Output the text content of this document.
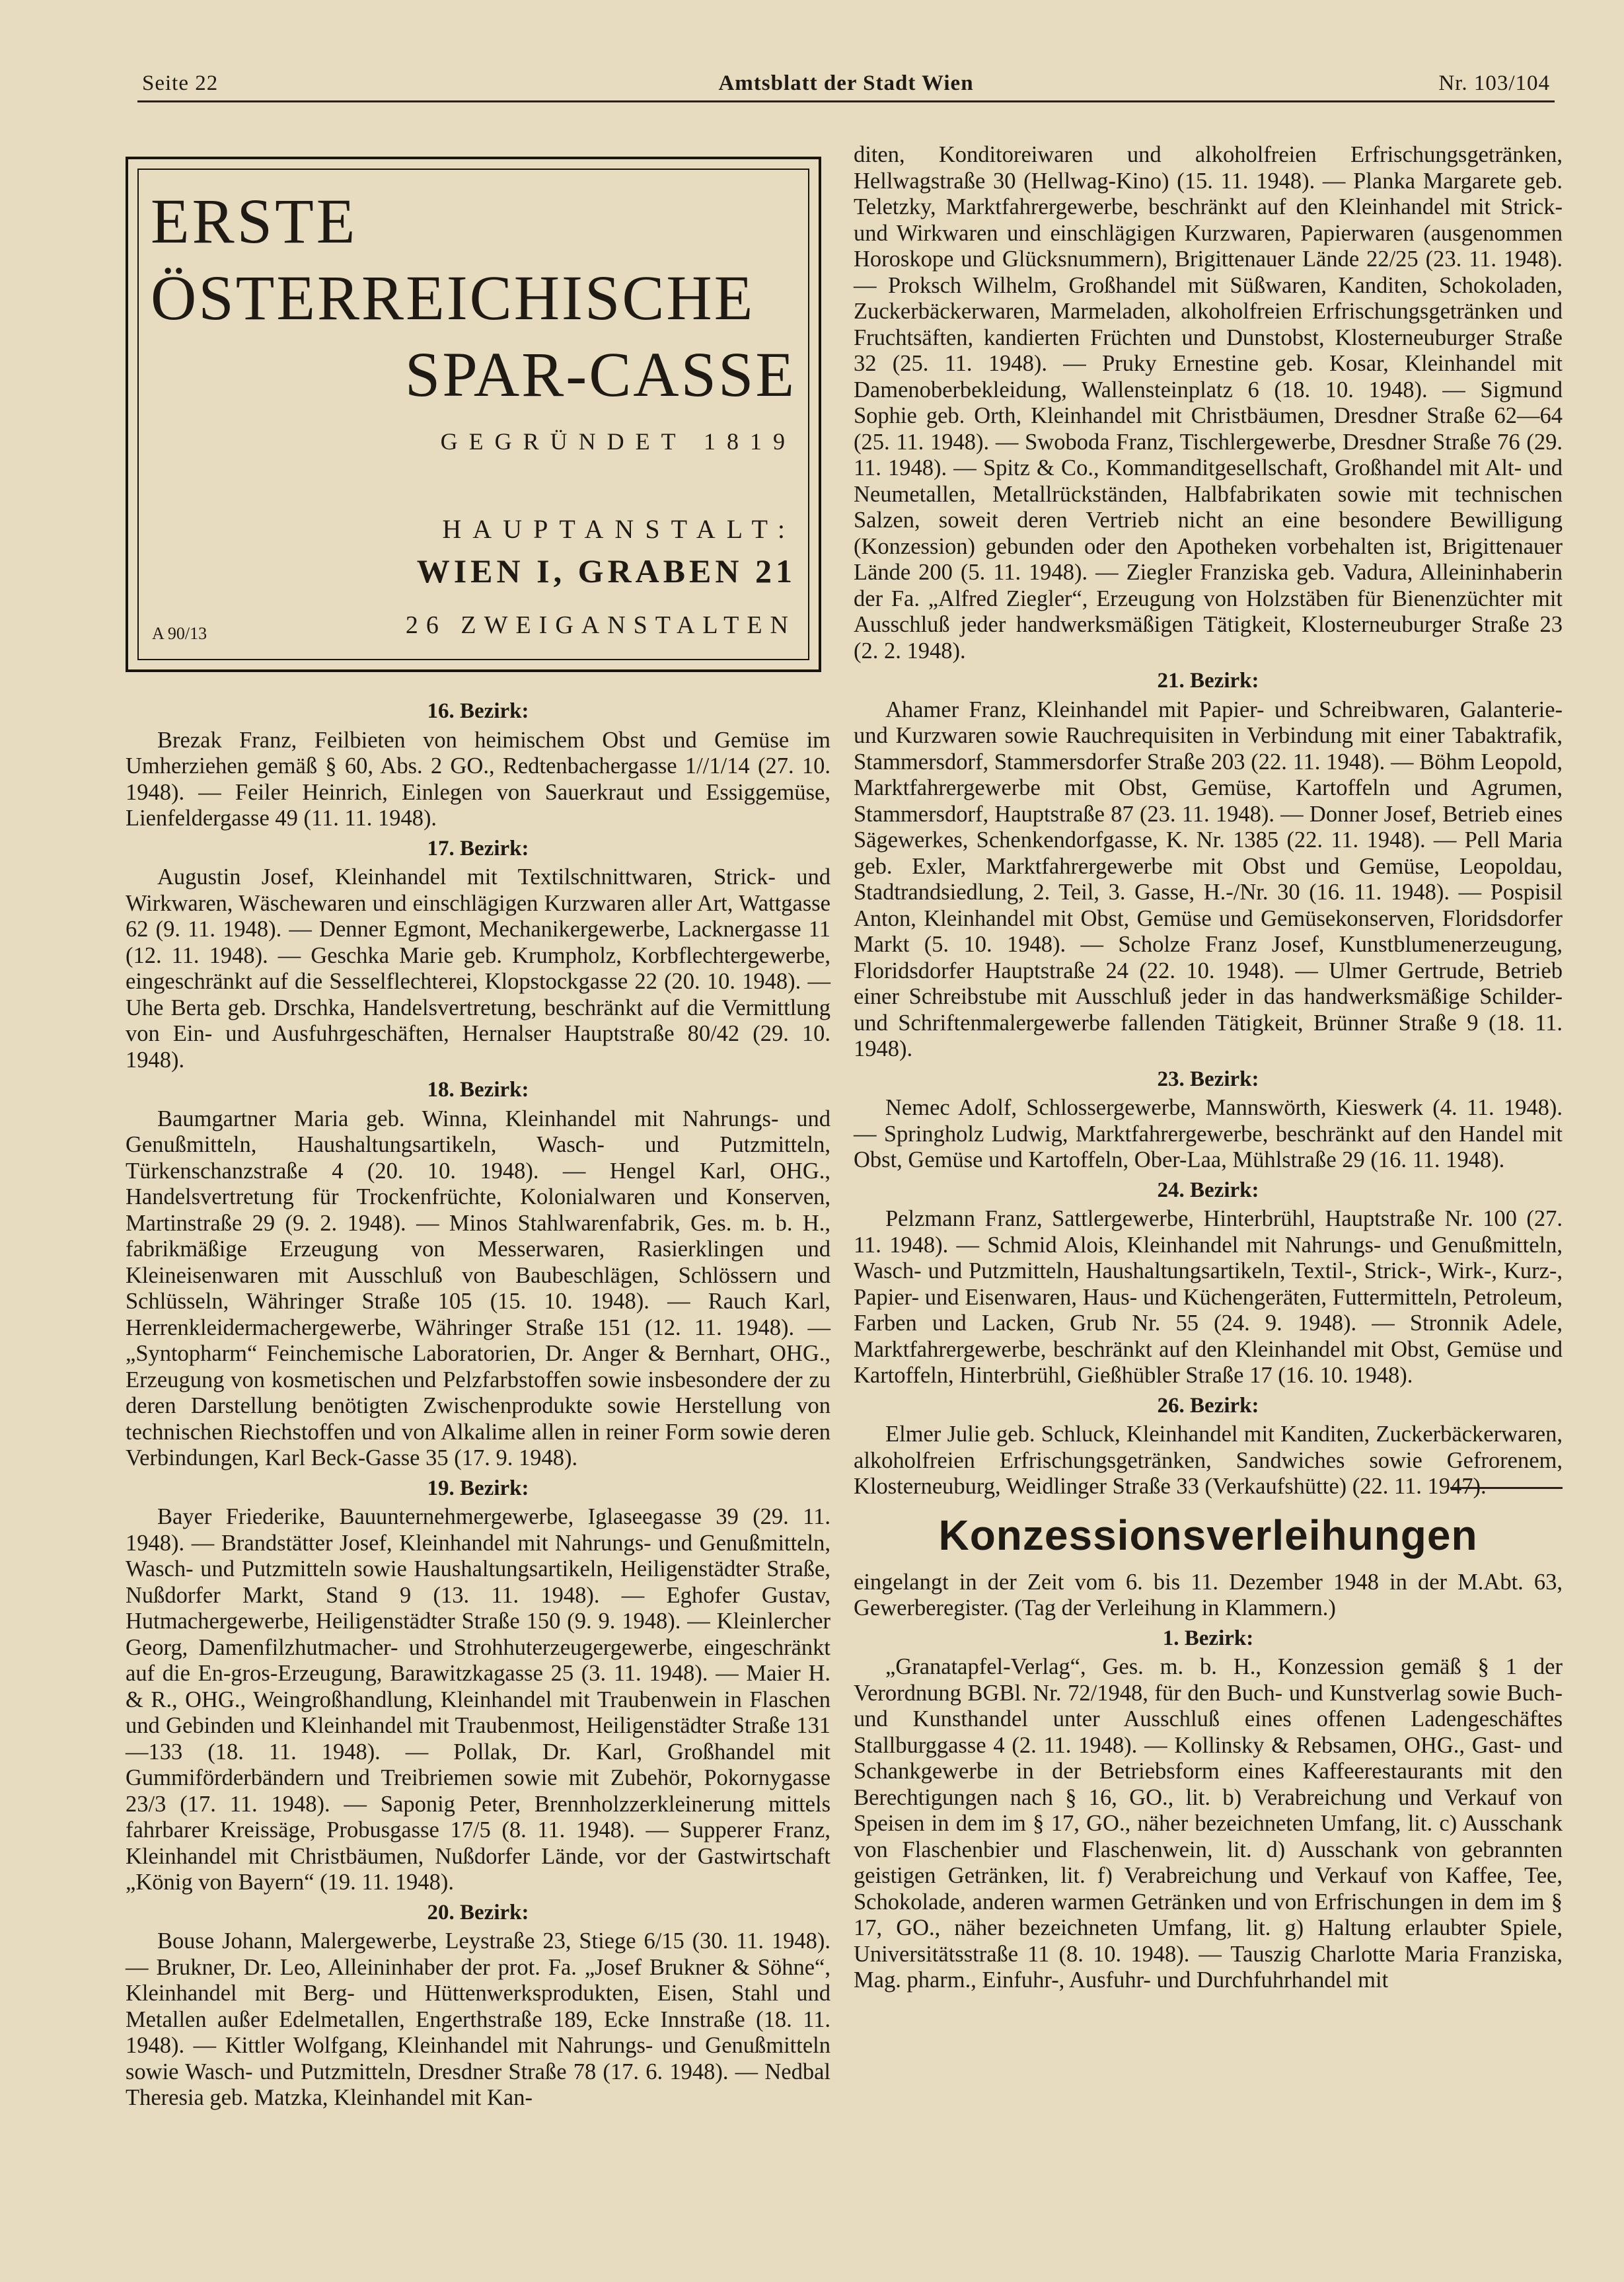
Seite 22	Amtsblatt der Stadt Wien	Nr. 103/104
ERSTE
ÖSTERREICHISCHE
SPAR-CASSE
GEGRÜNDET 1819
HAUPTANSTALT:
WIEN I, GRABEN 21
26 ZWEIGANSTALTEN
A 90/13
16. Bezirk:

Brezak Franz, Feilbieten von heimischem Obst und Gemüse im Umherziehen gemäß § 60, Abs. 2 GO., Redtenbachergasse 1//1/14 (27. 10. 1948). — Feiler Heinrich, Einlegen von Sauerkraut und Essiggemüse, Lienfeldergasse 49 (11. 11. 1948).

17. Bezirk:

Augustin Josef, Kleinhandel mit Textilschnittwaren, Strick- und Wirkwaren, Wäschewaren und einschlägigen Kurzwaren aller Art, Wattgasse 62 (9. 11. 1948). — Denner Egmont, Mechanikergewerbe, Lacknergasse 11 (12. 11. 1948). — Geschka Marie geb. Krumpholz, Korbflechtergewerbe, eingeschränkt auf die Sesselflechterei, Klopstockgasse 22 (20. 10. 1948). — Uhe Berta geb. Drschka, Handelsvertretung, beschränkt auf die Vermittlung von Ein- und Ausfuhrgeschäften, Hernalser Hauptstraße 80/42 (29. 10. 1948).

18. Bezirk:

Baumgartner Maria geb. Winna, Kleinhandel mit Nahrungs- und Genußmitteln, Haushaltungsartikeln, Wasch- und Putzmitteln, Türkenschanzstraße 4 (20. 10. 1948). — Hengel Karl, OHG., Handelsvertretung für Trockenfrüchte, Kolonialwaren und Konserven, Martinstraße 29 (9. 2. 1948). — Minos Stahlwarenfabrik, Ges. m. b. H., fabrikmäßige Erzeugung von Messerwaren, Rasierklingen und Kleineisenwaren mit Ausschluß von Baubeschlägen, Schlössern und Schlüsseln, Währinger Straße 105 (15. 10. 1948). — Rauch Karl, Herrenkleidermachergewerbe, Währinger Straße 151 (12. 11. 1948). — „Syntopharm“ Feinchemische Laboratorien, Dr. Anger & Bernhart, OHG., Erzeugung von kosmetischen und Pelzfarbstoffen sowie insbesondere der zu deren Darstellung benötigten Zwischenprodukte sowie Herstellung von technischen Riechstoffen und von Alkalime allen in reiner Form sowie deren Verbindungen, Karl Beck-Gasse 35 (17. 9. 1948).

19. Bezirk:

Bayer Friederike, Bauunternehmergewerbe, Iglaseegasse 39 (29. 11. 1948). — Brandstätter Josef, Kleinhandel mit Nahrungs- und Genußmitteln, Wasch- und Putzmitteln sowie Haushaltungsartikeln, Heiligenstädter Straße, Nußdorfer Markt, Stand 9 (13. 11. 1948). — Eghofer Gustav, Hutmachergewerbe, Heiligenstädter Straße 150 (9. 9. 1948). — Kleinlercher Georg, Damenfilzhutmacher- und Strohhuterzeugergewerbe, eingeschränkt auf die En-gros-Erzeugung, Barawitzkagasse 25 (3. 11. 1948). — Maier H. & R., OHG., Weingroßhandlung, Kleinhandel mit Traubenwein in Flaschen und Gebinden und Kleinhandel mit Traubenmost, Heiligenstädter Straße 131—133 (18. 11. 1948). — Pollak, Dr. Karl, Großhandel mit Gummiförderbändern und Treibriemen sowie mit Zubehör, Pokornygasse 23/3 (17. 11. 1948). — Saponig Peter, Brennholzzerkleinerung mittels fahrbarer Kreissäge, Probusgasse 17/5 (8. 11. 1948). — Supperer Franz, Kleinhandel mit Christbäumen, Nußdorfer Lände, vor der Gastwirtschaft „König von Bayern“ (19. 11. 1948).

20. Bezirk:

Bouse Johann, Malergewerbe, Leystraße 23, Stiege 6/15 (30. 11. 1948). — Brukner, Dr. Leo, Alleininhaber der prot. Fa. „Josef Brukner & Söhne“, Kleinhandel mit Berg- und Hüttenwerksprodukten, Eisen, Stahl und Metallen außer Edelmetallen, Engerthstraße 189, Ecke Innstraße (18. 11. 1948). — Kittler Wolfgang, Kleinhandel mit Nahrungs- und Genußmitteln sowie Wasch- und Putzmitteln, Dresdner Straße 78 (17. 6. 1948). — Nedbal Theresia geb. Matzka, Kleinhandel mit Kan-

diten, Konditoreiwaren und alkoholfreien Erfrischungsgetränken, Hellwagstraße 30 (Hellwag-Kino) (15. 11. 1948). — Planka Margarete geb. Teletzky, Marktfahrergewerbe, beschränkt auf den Kleinhandel mit Strick- und Wirkwaren und einschlägigen Kurzwaren, Papierwaren (ausgenommen Horoskope und Glücksnummern), Brigittenauer Lände 22/25 (23. 11. 1948). — Proksch Wilhelm, Großhandel mit Süßwaren, Kanditen, Schokoladen, Zuckerbäckerwaren, Marmeladen, alkoholfreien Erfrischungsgetränken und Fruchtsäften, kandierten Früchten und Dunstobst, Klosterneuburger Straße 32 (25. 11. 1948). — Pruky Ernestine geb. Kosar, Kleinhandel mit Damenoberbekleidung, Wallensteinplatz 6 (18. 10. 1948). — Sigmund Sophie geb. Orth, Kleinhandel mit Christbäumen, Dresdner Straße 62—64 (25. 11. 1948). — Swoboda Franz, Tischlergewerbe, Dresdner Straße 76 (29. 11. 1948). — Spitz & Co., Kommanditgesellschaft, Großhandel mit Alt- und Neumetallen, Metallrückständen, Halbfabrikaten sowie mit technischen Salzen, soweit deren Vertrieb nicht an eine besondere Bewilligung (Konzession) gebunden oder den Apotheken vorbehalten ist, Brigittenauer Lände 200 (5. 11. 1948). — Ziegler Franziska geb. Vadura, Alleininhaberin der Fa. „Alfred Ziegler“, Erzeugung von Holzstäben für Bienenzüchter mit Ausschluß jeder handwerksmäßigen Tätigkeit, Klosterneuburger Straße 23 (2. 2. 1948).

21. Bezirk:

Ahamer Franz, Kleinhandel mit Papier- und Schreibwaren, Galanterie- und Kurzwaren sowie Rauchrequisiten in Verbindung mit einer Tabaktrafik, Stammersdorf, Stammersdorfer Straße 203 (22. 11. 1948). — Böhm Leopold, Marktfahrergewerbe mit Obst, Gemüse, Kartoffeln und Agrumen, Stammersdorf, Hauptstraße 87 (23. 11. 1948). — Donner Josef, Betrieb eines Sägewerkes, Schenkendorfgasse, K. Nr. 1385 (22. 11. 1948). — Pell Maria geb. Exler, Marktfahrergewerbe mit Obst und Gemüse, Leopoldau, Stadtrandsiedlung, 2. Teil, 3. Gasse, H.-/Nr. 30 (16. 11. 1948). — Pospisil Anton, Kleinhandel mit Obst, Gemüse und Gemüsekonserven, Floridsdorfer Markt (5. 10. 1948). — Scholze Franz Josef, Kunstblumenerzeugung, Floridsdorfer Hauptstraße 24 (22. 10. 1948). — Ulmer Gertrude, Betrieb einer Schreibstube mit Ausschluß jeder in das handwerksmäßige Schilder- und Schriftenmalergewerbe fallenden Tätigkeit, Brünner Straße 9 (18. 11. 1948).

23. Bezirk:

Nemec Adolf, Schlossergewerbe, Mannswörth, Kieswerk (4. 11. 1948). — Springholz Ludwig, Marktfahrergewerbe, beschränkt auf den Handel mit Obst, Gemüse und Kartoffeln, Ober-Laa, Mühlstraße 29 (16. 11. 1948).

24. Bezirk:

Pelzmann Franz, Sattlergewerbe, Hinterbrühl, Hauptstraße Nr. 100 (27. 11. 1948). — Schmid Alois, Kleinhandel mit Nahrungs- und Genußmitteln, Wasch- und Putzmitteln, Haushaltungsartikeln, Textil-, Strick-, Wirk-, Kurz-, Papier- und Eisenwaren, Haus- und Küchengeräten, Futtermitteln, Petroleum, Farben und Lacken, Grub Nr. 55 (24. 9. 1948). — Stronnik Adele, Marktfahrergewerbe, beschränkt auf den Kleinhandel mit Obst, Gemüse und Kartoffeln, Hinterbrühl, Gießhübler Straße 17 (16. 10. 1948).

26. Bezirk:

Elmer Julie geb. Schluck, Kleinhandel mit Kanditen, Zuckerbäckerwaren, alkoholfreien Erfrischungsgetränken, Sandwiches sowie Gefrorenem, Klosterneuburg, Weidlinger Straße 33 (Verkaufshütte) (22. 11. 1947).

Konzessionsverleihungen

eingelangt in der Zeit vom 6. bis 11. Dezember 1948 in der M.Abt. 63, Gewerberegister. (Tag der Verleihung in Klammern.)

1. Bezirk:

„Granatapfel-Verlag“, Ges. m. b. H., Konzession gemäß § 1 der Verordnung BGBl. Nr. 72/1948, für den Buch- und Kunstverlag sowie Buch- und Kunsthandel unter Ausschluß eines offenen Ladengeschäftes Stallburggasse 4 (2. 11. 1948). — Kollinsky & Rebsamen, OHG., Gast- und Schankgewerbe in der Betriebsform eines Kaffeerestaurants mit den Berechtigungen nach § 16, GO., lit. b) Verabreichung und Verkauf von Speisen in dem im § 17, GO., näher bezeichneten Umfang, lit. c) Ausschank von Flaschenbier und Flaschenwein, lit. d) Ausschank von gebrannten geistigen Getränken, lit. f) Verabreichung und Verkauf von Kaffee, Tee, Schokolade, anderen warmen Getränken und von Erfrischungen in dem im § 17, GO., näher bezeichneten Umfang, lit. g) Haltung erlaubter Spiele, Universitätsstraße 11 (8. 10. 1948). — Tauszig Charlotte Maria Franziska, Mag. pharm., Einfuhr-, Ausfuhr- und Durchfuhrhandel mit
